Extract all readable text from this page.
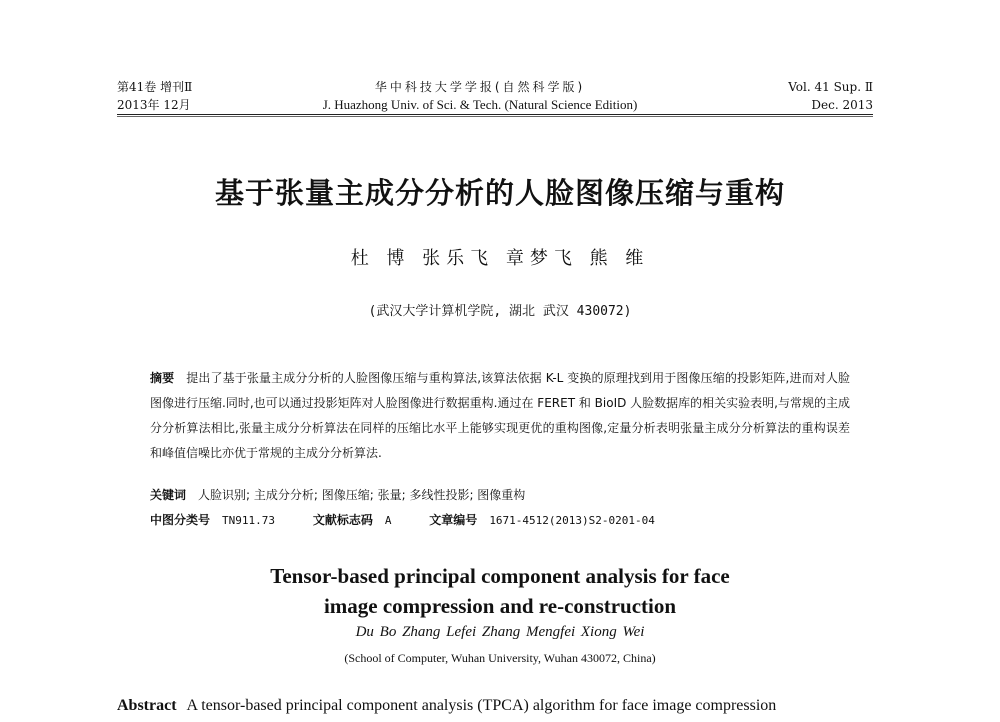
第41卷 增刊Ⅱ
2013年 12月
华中科技大学学报(自然科学版)
J. Huazhong Univ. of Sci. & Tech. (Natural Science Edition)
Vol. 41 Sup. Ⅱ
Dec. 2013
基于张量主成分分析的人脸图像压缩与重构
杜 博 张乐飞 章梦飞 熊 维
(武汉大学计算机学院, 湖北 武汉 430072)
摘要 提出了基于张量主成分分析的人脸图像压缩与重构算法,该算法依据 K-L 变换的原理找到用于图像压缩的投影矩阵,进而对人脸图像进行压缩.同时,也可以通过投影矩阵对人脸图像进行数据重构.通过在 FERET 和 BioID 人脸数据库的相关实验表明,与常规的主成分分析算法相比,张量主成分分析算法在同样的压缩比水平上能够实现更优的重构图像,定量分析表明张量主成分分析算法的重构误差和峰值信噪比亦优于常规的主成分分析算法.
关键词 人脸识别; 主成分分析; 图像压缩; 张量; 多线性投影; 图像重构
中图分类号 TN911.73	文献标志码 A	文章编号 1671-4512(2013)S2-0201-04
Tensor-based principal component analysis for face
image compression and re-construction
Du Bo Zhang Lefei Zhang Mengfei Xiong Wei
(School of Computer, Wuhan University, Wuhan 430072, China)
Abstract A tensor-based principal component analysis (TPCA) algorithm for face image compression
